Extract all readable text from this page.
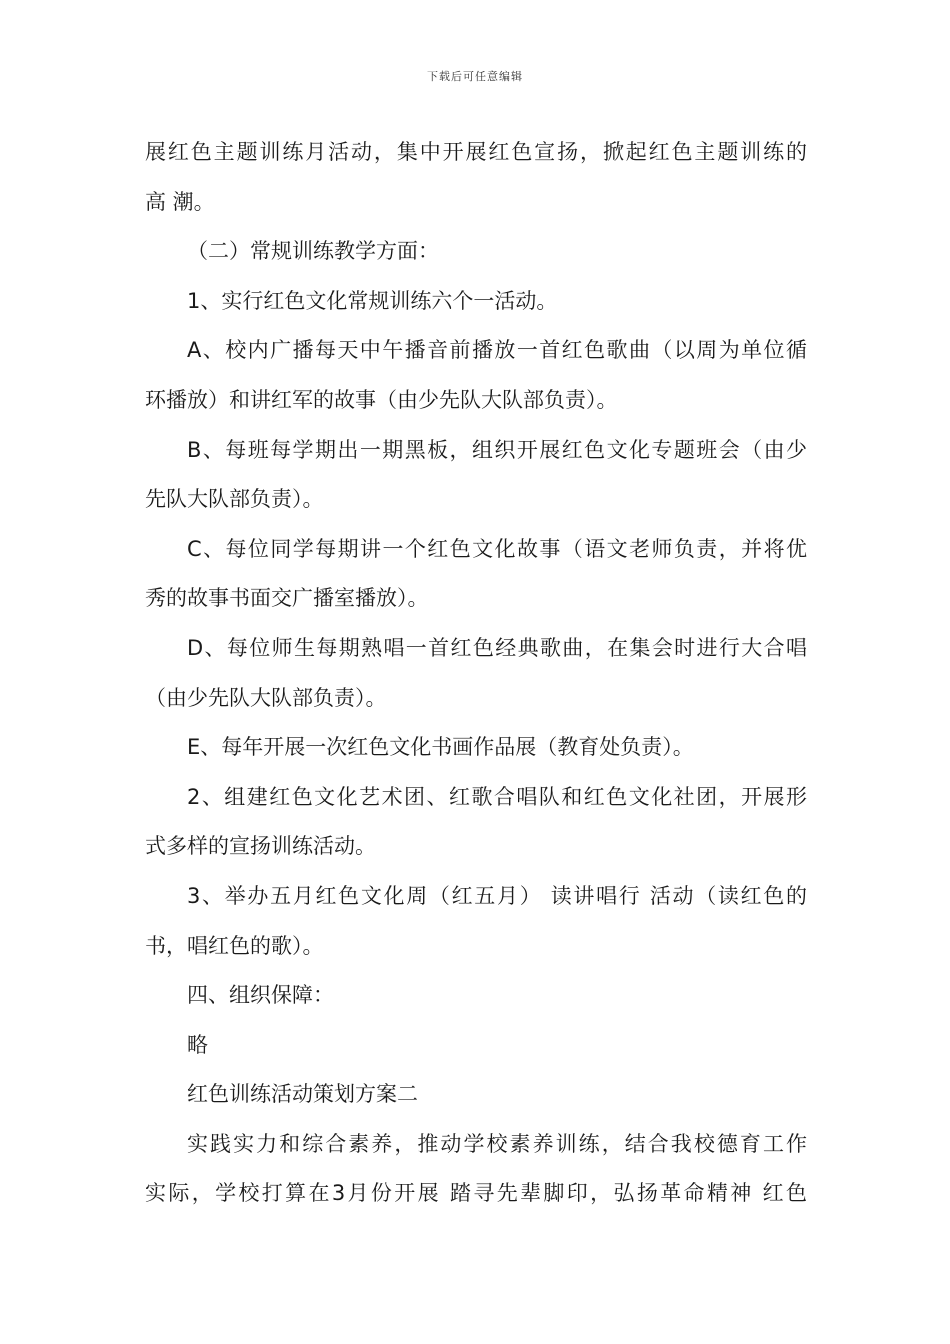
下载后可任意编辑
展红色主题训练月活动，集中开展红色宣扬，掀起红色主题训练的
高 潮。
（二）常规训练教学方面：
1、实行红色文化常规训练六个一活动。
A、校内广播每天中午播音前播放一首红色歌曲（以周为单位循
环播放）和讲红军的故事（由少先队大队部负责）。
B、每班每学期出一期黑板，组织开展红色文化专题班会（由少
先队大队部负责）。
C、每位同学每期讲一个红色文化故事（语文老师负责，并将优
秀的故事书面交广播室播放）。
D、每位师生每期熟唱一首红色经典歌曲，在集会时进行大合唱
（由少先队大队部负责）。
E、每年开展一次红色文化书画作品展（教育处负责）。
2、组建红色文化艺术团、红歌合唱队和红色文化社团，开展形
式多样的宣扬训练活动。
3、举办五月红色文化周（红五月） 读讲唱行 活动（读红色的
书，唱红色的歌）。
四、组织保障：
略
红色训练活动策划方案二
实践实力和综合素养，推动学校素养训练，结合我校德育工作
实际，学校打算在3月份开展 踏寻先辈脚印，弘扬革命精神 红色
